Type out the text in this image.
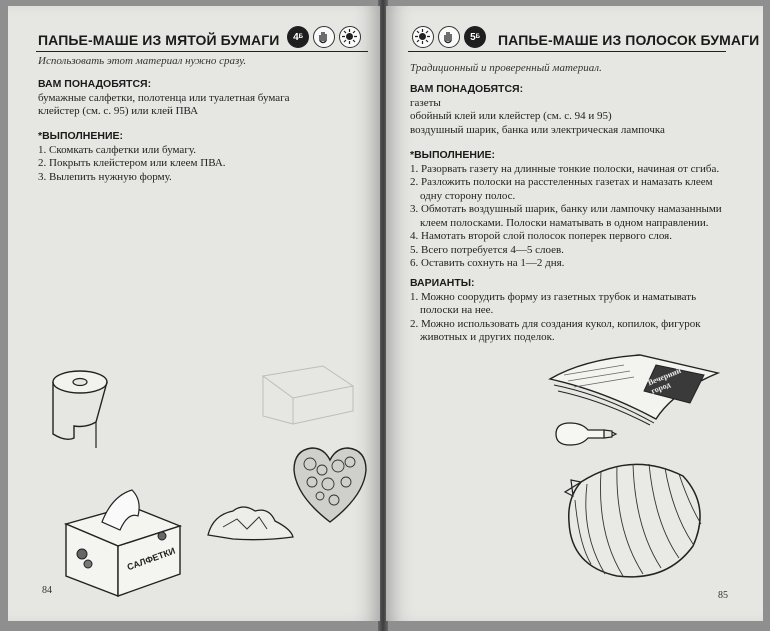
ПАПЬЕ-МАШЕ ИЗ МЯТОЙ БУМАГИ 4 Б
Использовать этот материал нужно сразу.
ВАМ ПОНАДОБЯТСЯ:
бумажные салфетки, полотенца или туалетная бумага
клейстер (см. с. 95) или клей ПВА
*ВЫПОЛНЕНИЕ:
1. Скомкать салфетки или бумагу.
2. Покрыть клейстером или клеем ПВА.
3. Вылепить нужную форму.
САЛФЕТКИ
84
5 Б ПАПЬЕ-МАШЕ ИЗ ПОЛОСОК БУМАГИ
Традиционный и проверенный материал.
ВАМ ПОНАДОБЯТСЯ:
газеты
обойный клей или клейстер (см. с. 94 и 95)
воздушный шарик, банка или электрическая лампочка
*ВЫПОЛНЕНИЕ:
1. Разорвать газету на длинные тонкие полоски, начиная от сгиба.
2. Разложить полоски на расстеленных газетах и намазать клеем одну сторону полос.
3. Обмотать воздушный шарик, банку или лампочку намазанными клеем полосками. Полоски наматывать в одном направлении.
4. Намотать второй слой полосок поперек первого слоя.
5. Всего потребуется 4—5 слоев.
6. Оставить сохнуть на 1—2 дня.
ВАРИАНТЫ:
1. Можно соорудить форму из газетных трубок и наматывать полоски на нее.
2. Можно использовать для создания кукол, копилок, фигурок животных и других поделок.
Вечерний город
85
